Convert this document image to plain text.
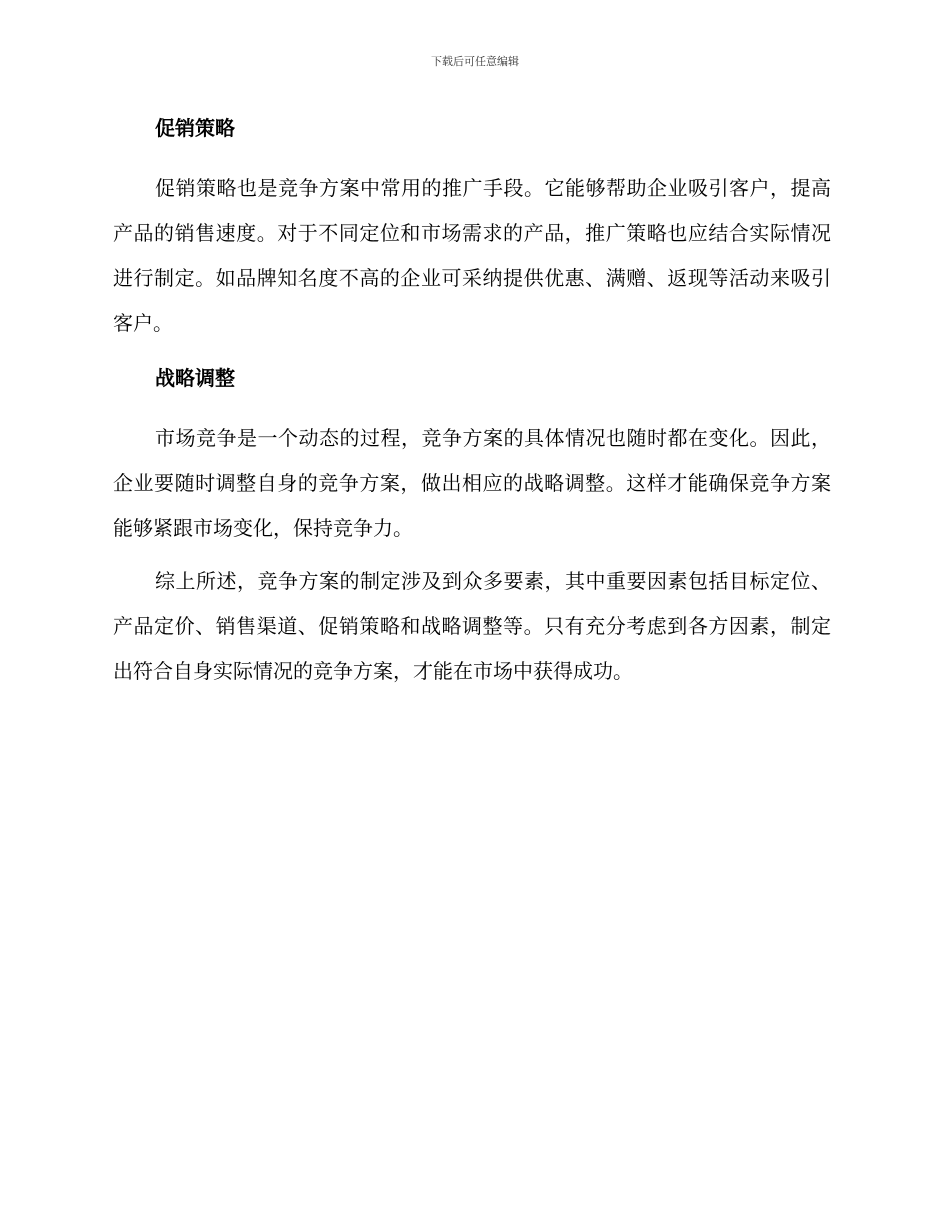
下载后可任意编辑
促销策略

促销策略也是竞争方案中常用的推广手段。它能够帮助企业吸引客户，提高产品的销售速度。对于不同定位和市场需求的产品，推广策略也应结合实际情况进行制定。如品牌知名度不高的企业可采纳提供优惠、满赠、返现等活动来吸引客户。

战略调整

市场竞争是一个动态的过程，竞争方案的具体情况也随时都在变化。因此，企业要随时调整自身的竞争方案，做出相应的战略调整。这样才能确保竞争方案能够紧跟市场变化，保持竞争力。

综上所述，竞争方案的制定涉及到众多要素，其中重要因素包括目标定位、产品定价、销售渠道、促销策略和战略调整等。只有充分考虑到各方因素，制定出符合自身实际情况的竞争方案，才能在市场中获得成功。
